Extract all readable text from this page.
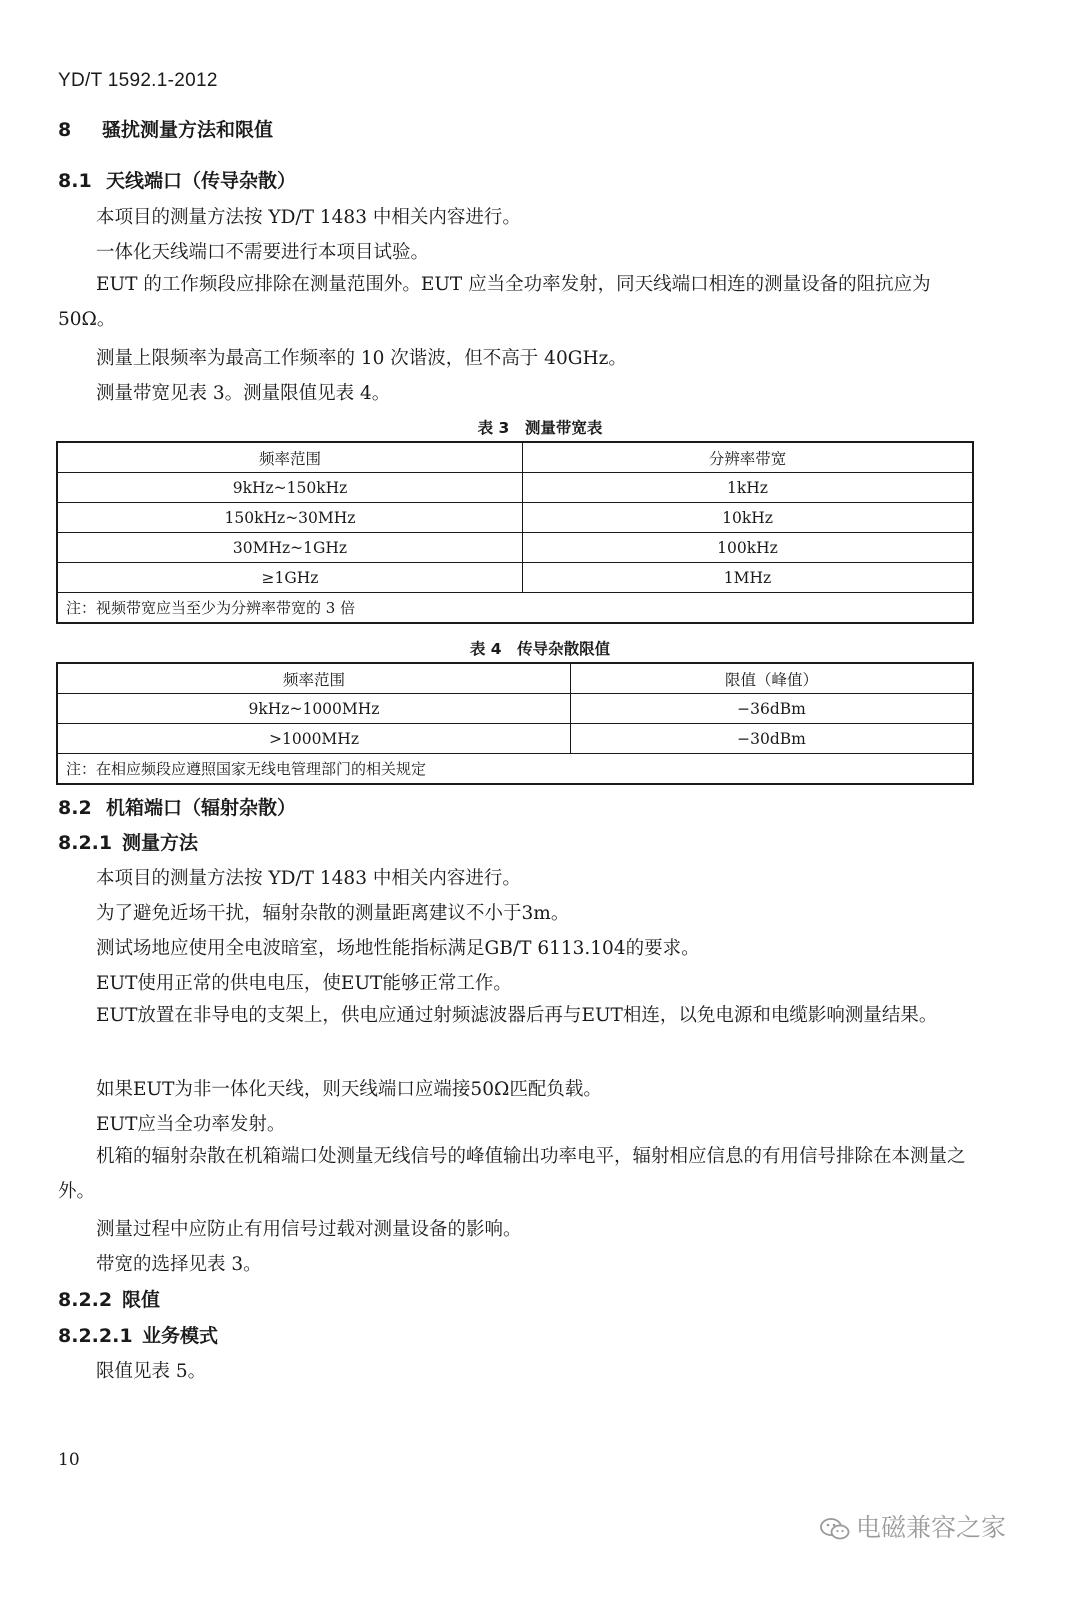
YD/T 1592.1-2012
8 骚扰测量方法和限值
8.1 天线端口（传导杂散）
本项目的测量方法按 YD/T 1483 中相关内容进行。
一体化天线端口不需要进行本项目试验。
EUT 的工作频段应排除在测量范围外。EUT 应当全功率发射，同天线端口相连的测量设备的阻抗应为 50Ω。
测量上限频率为最高工作频率的 10 次谐波，但不高于 40GHz。
测量带宽见表 3。测量限值见表 4。
表 3　测量带宽表
频率范围	分辨率带宽
9kHz~150kHz	1kHz
150kHz~30MHz	10kHz
30MHz~1GHz	100kHz
≥1GHz	1MHz
注：视频带宽应当至少为分辨率带宽的 3 倍	
表 4　传导杂散限值
频率范围	限值（峰值）
9kHz~1000MHz	−36dBm
>1000MHz	−30dBm
注：在相应频段应遵照国家无线电管理部门的相关规定	
8.2 机箱端口（辐射杂散）
8.2.1 测量方法
本项目的测量方法按 YD/T 1483 中相关内容进行。
为了避免近场干扰，辐射杂散的测量距离建议不小于3m。
测试场地应使用全电波暗室，场地性能指标满足GB/T 6113.104的要求。
EUT使用正常的供电电压，使EUT能够正常工作。
EUT放置在非导电的支架上，供电应通过射频滤波器后再与EUT相连，以免电源和电缆影响测量结果。
如果EUT为非一体化天线，则天线端口应端接50Ω匹配负载。
EUT应当全功率发射。
机箱的辐射杂散在机箱端口处测量无线信号的峰值输出功率电平，辐射相应信息的有用信号排除在本测量之外。
测量过程中应防止有用信号过载对测量设备的影响。
带宽的选择见表 3。
8.2.2 限值
8.2.2.1 业务模式
限值见表 5。
10
电磁兼容之家
